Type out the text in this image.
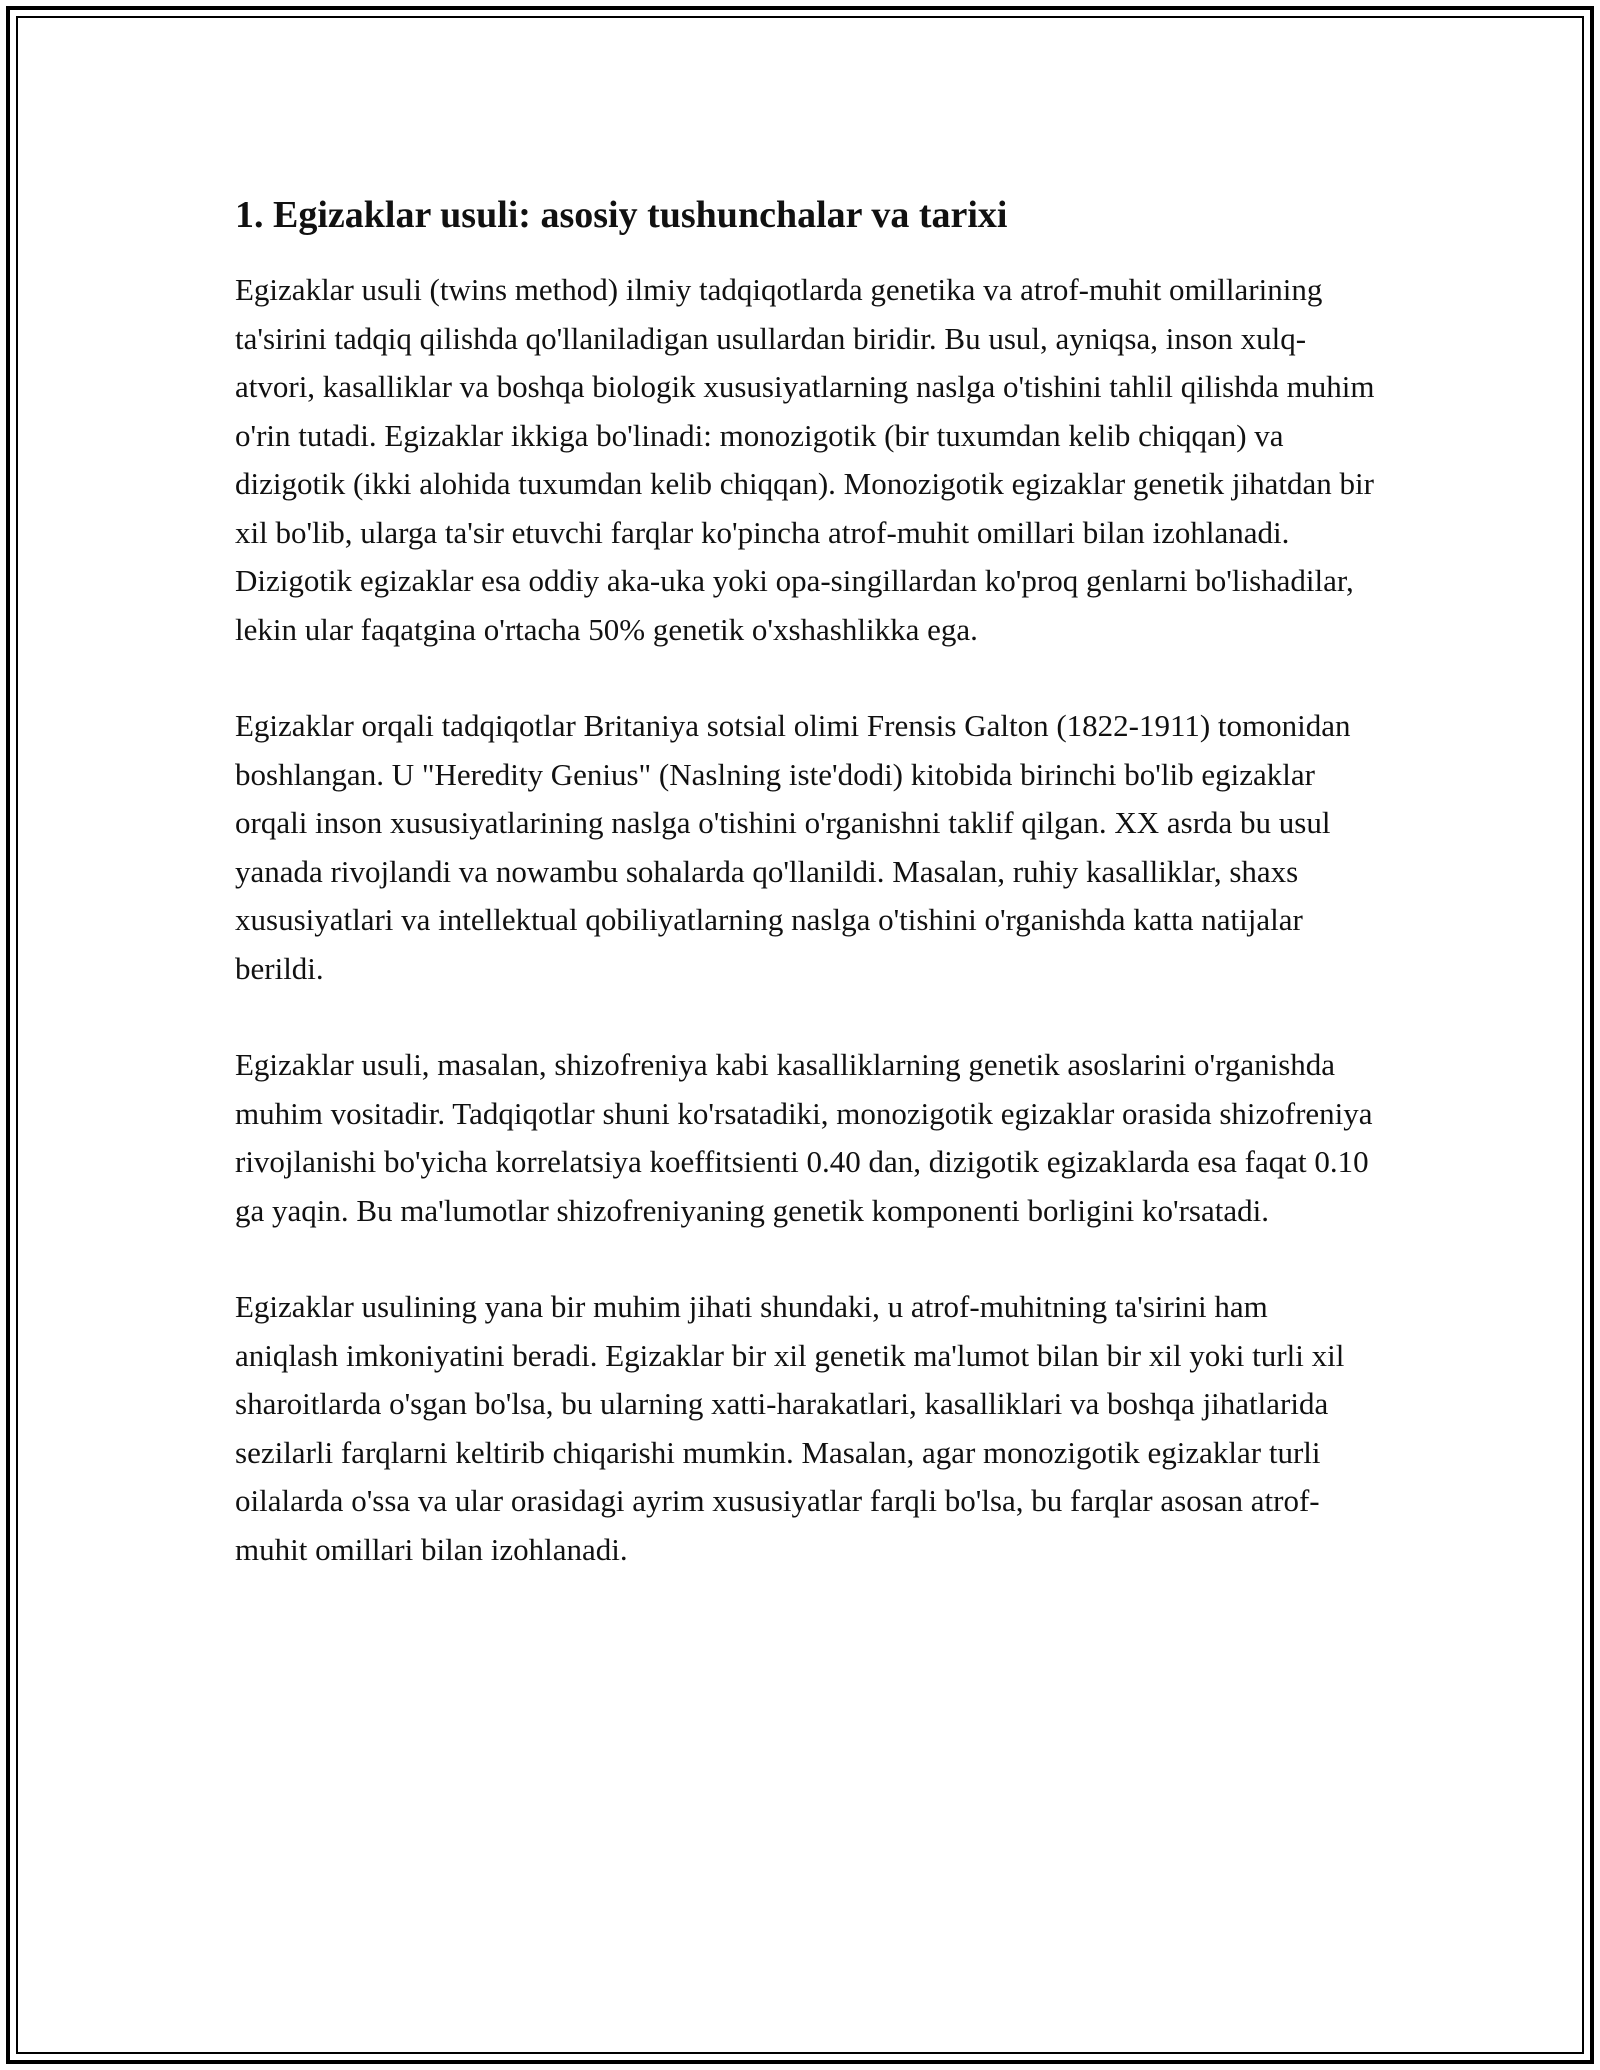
1. Egizaklar usuli: asosiy tushunchalar va tarixi

Egizaklar usuli (twins method) ilmiy tadqiqotlarda genetika va atrof-muhit omillarining ta'sirini tadqiq qilishda qo'llaniladigan usullardan biridir. Bu usul, ayniqsa, inson xulq-atvori, kasalliklar va boshqa biologik xususiyatlarning naslga o'tishini tahlil qilishda muhim o'rin tutadi. Egizaklar ikkiga bo'linadi: monozigotik (bir tuxumdan kelib chiqqan) va dizigotik (ikki alohida tuxumdan kelib chiqqan). Monozigotik egizaklar genetik jihatdan bir xil bo'lib, ularga ta'sir etuvchi farqlar ko'pincha atrof-muhit omillari bilan izohlanadi. Dizigotik egizaklar esa oddiy aka-uka yoki opa-singillardan ko'proq genlarni bo'lishadilar, lekin ular faqatgina o'rtacha 50% genetik o'xshashlikka ega.

Egizaklar orqali tadqiqotlar Britaniya sotsial olimi Frensis Galton (1822-1911) tomonidan boshlangan. U "Heredity Genius" (Naslning iste'dodi) kitobida birinchi bo'lib egizaklar orqali inson xususiyatlarining naslga o'tishini o'rganishni taklif qilgan. XX asrda bu usul yanada rivojlandi va nowambu sohalarda qo'llanildi. Masalan, ruhiy kasalliklar, shaxs xususiyatlari va intellektual qobiliyatlarning naslga o'tishini o'rganishda katta natijalar berildi.

Egizaklar usuli, masalan, shizofreniya kabi kasalliklarning genetik asoslarini o'rganishda muhim vositadir. Tadqiqotlar shuni ko'rsatadiki, monozigotik egizaklar orasida shizofreniya rivojlanishi bo'yicha korrelatsiya koeffitsienti 0.40 dan, dizigotik egizaklarda esa faqat 0.10 ga yaqin. Bu ma'lumotlar shizofreniyaning genetik komponenti borligini ko'rsatadi.

Egizaklar usulining yana bir muhim jihati shundaki, u atrof-muhitning ta'sirini ham aniqlash imkoniyatini beradi. Egizaklar bir xil genetik ma'lumot bilan bir xil yoki turli xil sharoitlarda o'sgan bo'lsa, bu ularning xatti-harakatlari, kasalliklari va boshqa jihatlarida sezilarli farqlarni keltirib chiqarishi mumkin. Masalan, agar monozigotik egizaklar turli oilalarda o'ssa va ular orasidagi ayrim xususiyatlar farqli bo'lsa, bu farqlar asosan atrof-muhit omillari bilan izohlanadi.
